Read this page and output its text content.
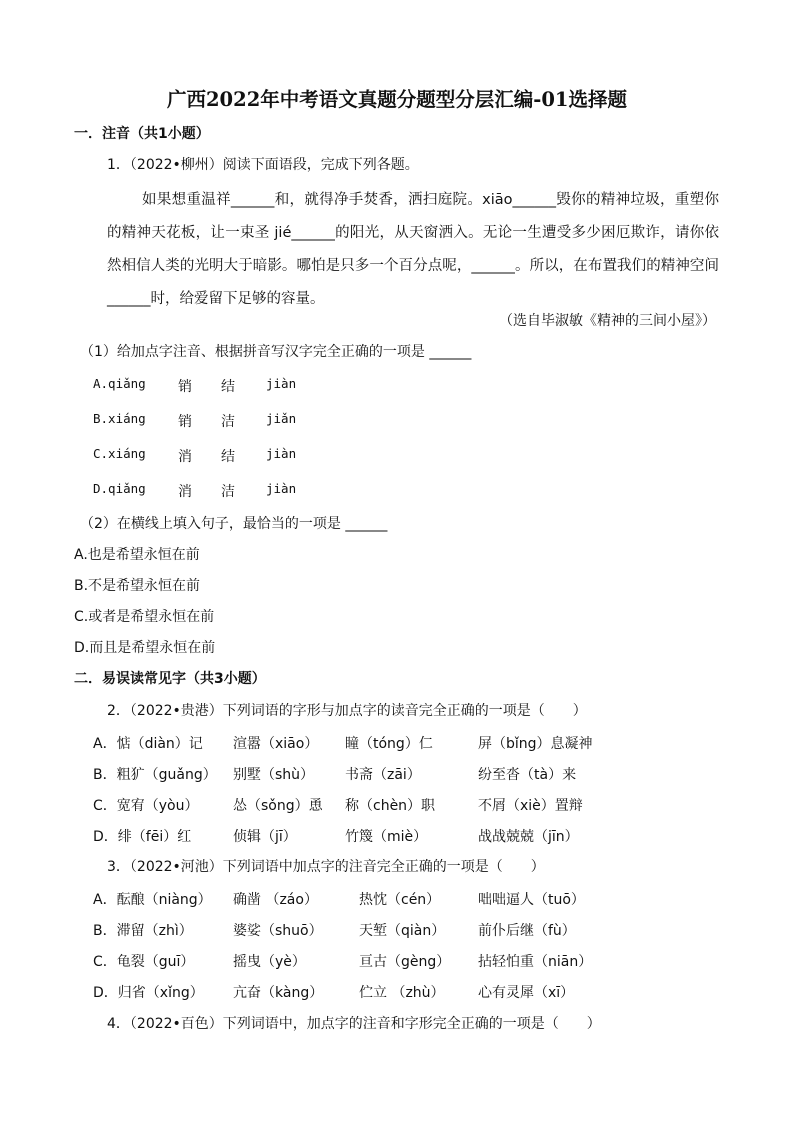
广西2022年中考语文真题分题型分层汇编-01选择题
一．注音（共1小题）
1．（2022•柳州）阅读下面语段，完成下列各题。
如果想重温祥______和，就得净手焚香，洒扫庭院。xiāo______毁你的精神垃圾，重塑你的精神天花板，让一束圣 jié______的阳光，从天窗洒入。无论一生遭受多少困厄欺诈，请你依然相信人类的光明大于暗影。哪怕是只多一个百分点呢，______。所以，在布置我们的精神空间______时，给爱留下足够的容量。
（选自毕淑敏《精神的三间小屋》）
（1）给加点字注音、根据拼音写汉字完全正确的一项是 ______
A.qiǎng 销 结 jiàn
B.xiáng 销 洁 jiǎn
C.xiáng 消 结 jiàn
D.qiǎng 消 洁 jiàn
（2）在横线上填入句子，最恰当的一项是 ______
A.也是希望永恒在前
B.不是希望永恒在前
C.或者是希望永恒在前
D.而且是希望永恒在前
二．易误读常见字（共3小题）
2．（2022•贵港）下列词语的字形与加点字的读音完全正确的一项是（　　）
A．惦（diàn）记 渲嚣（xiāo） 瞳（tóng）仁	屏（bǐng）息凝神
B．粗犷（guǎng） 别墅（shù） 书斋（zāi）	纷至沓（tà）来
C．宽宥（yòu） 怂（sǒng）恿 称（chèn）职	不屑（xiè）置辩
D．绯（fēi）红	侦辑（jī）	竹篾（miè）	战战兢兢（jīn）
3．（2022•河池）下列词语中加点字的注音完全正确的一项是（　　）
A．酝酿（niàng） 确凿 （záo）	热忱（cén）	咄咄逼人（tuō）
B．滞留（zhì）	婆娑（shuō）	天堑（qiàn） 前仆后继（fù）
C．龟裂（guī）	摇曳（yè）	亘古（gèng） 拈轻怕重（niān）
D．归省（xǐng） 亢奋（kàng）	伫立 （zhù） 心有灵犀（xī）
4．（2022•百色）下列词语中，加点字的注音和字形完全正确的一项是（　　）
